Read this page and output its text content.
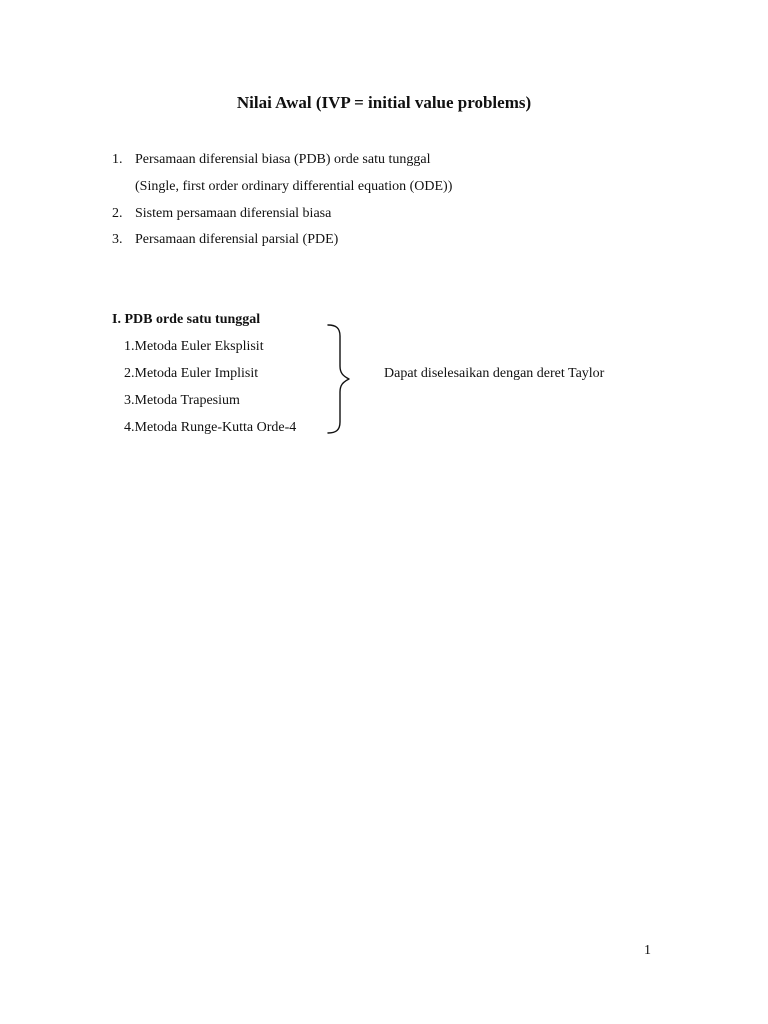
Nilai Awal (IVP = initial value problems)
1. Persamaan diferensial biasa (PDB) orde satu tunggal
(Single, first order ordinary differential equation (ODE))
2. Sistem persamaan diferensial biasa
3. Persamaan diferensial parsial (PDE)
I. PDB orde satu tunggal
1.Metoda Euler Eksplisit
2.Metoda Euler Implisit
3.Metoda Trapesium
4.Metoda Runge-Kutta Orde-4
Dapat diselesaikan dengan deret Taylor
1
